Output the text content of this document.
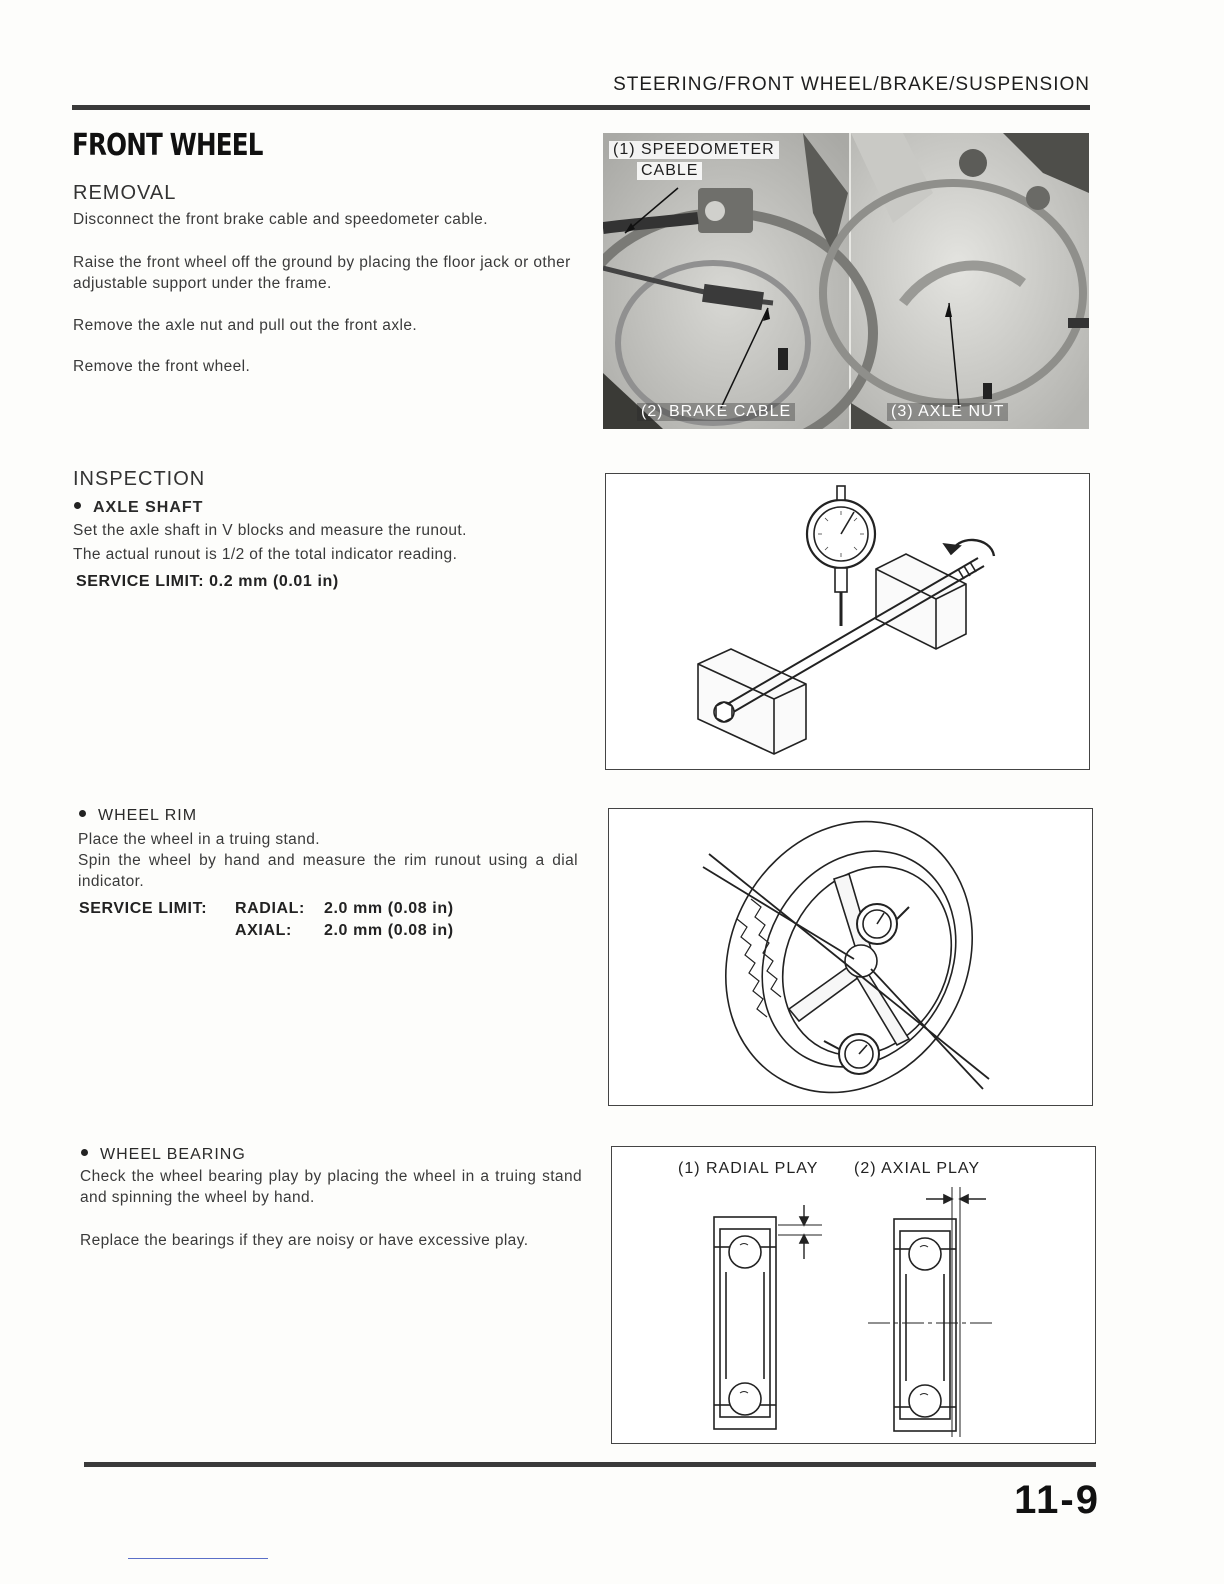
STEERING/FRONT WHEEL/BRAKE/SUSPENSION
FRONT WHEEL
REMOVAL
Disconnect the front brake cable and speedometer cable.
Raise the front wheel off the ground by placing the floor jack or other adjustable support under the frame.
Remove the axle nut and pull out the front axle.
Remove the front wheel.
(1) SPEEDOMETER
CABLE
(2) BRAKE CABLE	(3) AXLE NUT
INSPECTION
AXLE SHAFT
Set the axle shaft in V blocks and measure the runout.
The actual runout is 1/2 of the total indicator reading.
SERVICE LIMIT: 0.2 mm (0.01 in)
WHEEL RIM
Place the wheel in a truing stand.
Spin the wheel by hand and measure the rim runout using a dial indicator.
SERVICE LIMIT: RADIAL: 2.0 mm (0.08 in)
AXIAL: 2.0 mm (0.08 in)
WHEEL BEARING
Check the wheel bearing play by placing the wheel in a truing stand and spinning the wheel by hand.
Replace the bearings if they are noisy or have excessive play.
(1) RADIAL PLAY (2) AXIAL PLAY
11-9
